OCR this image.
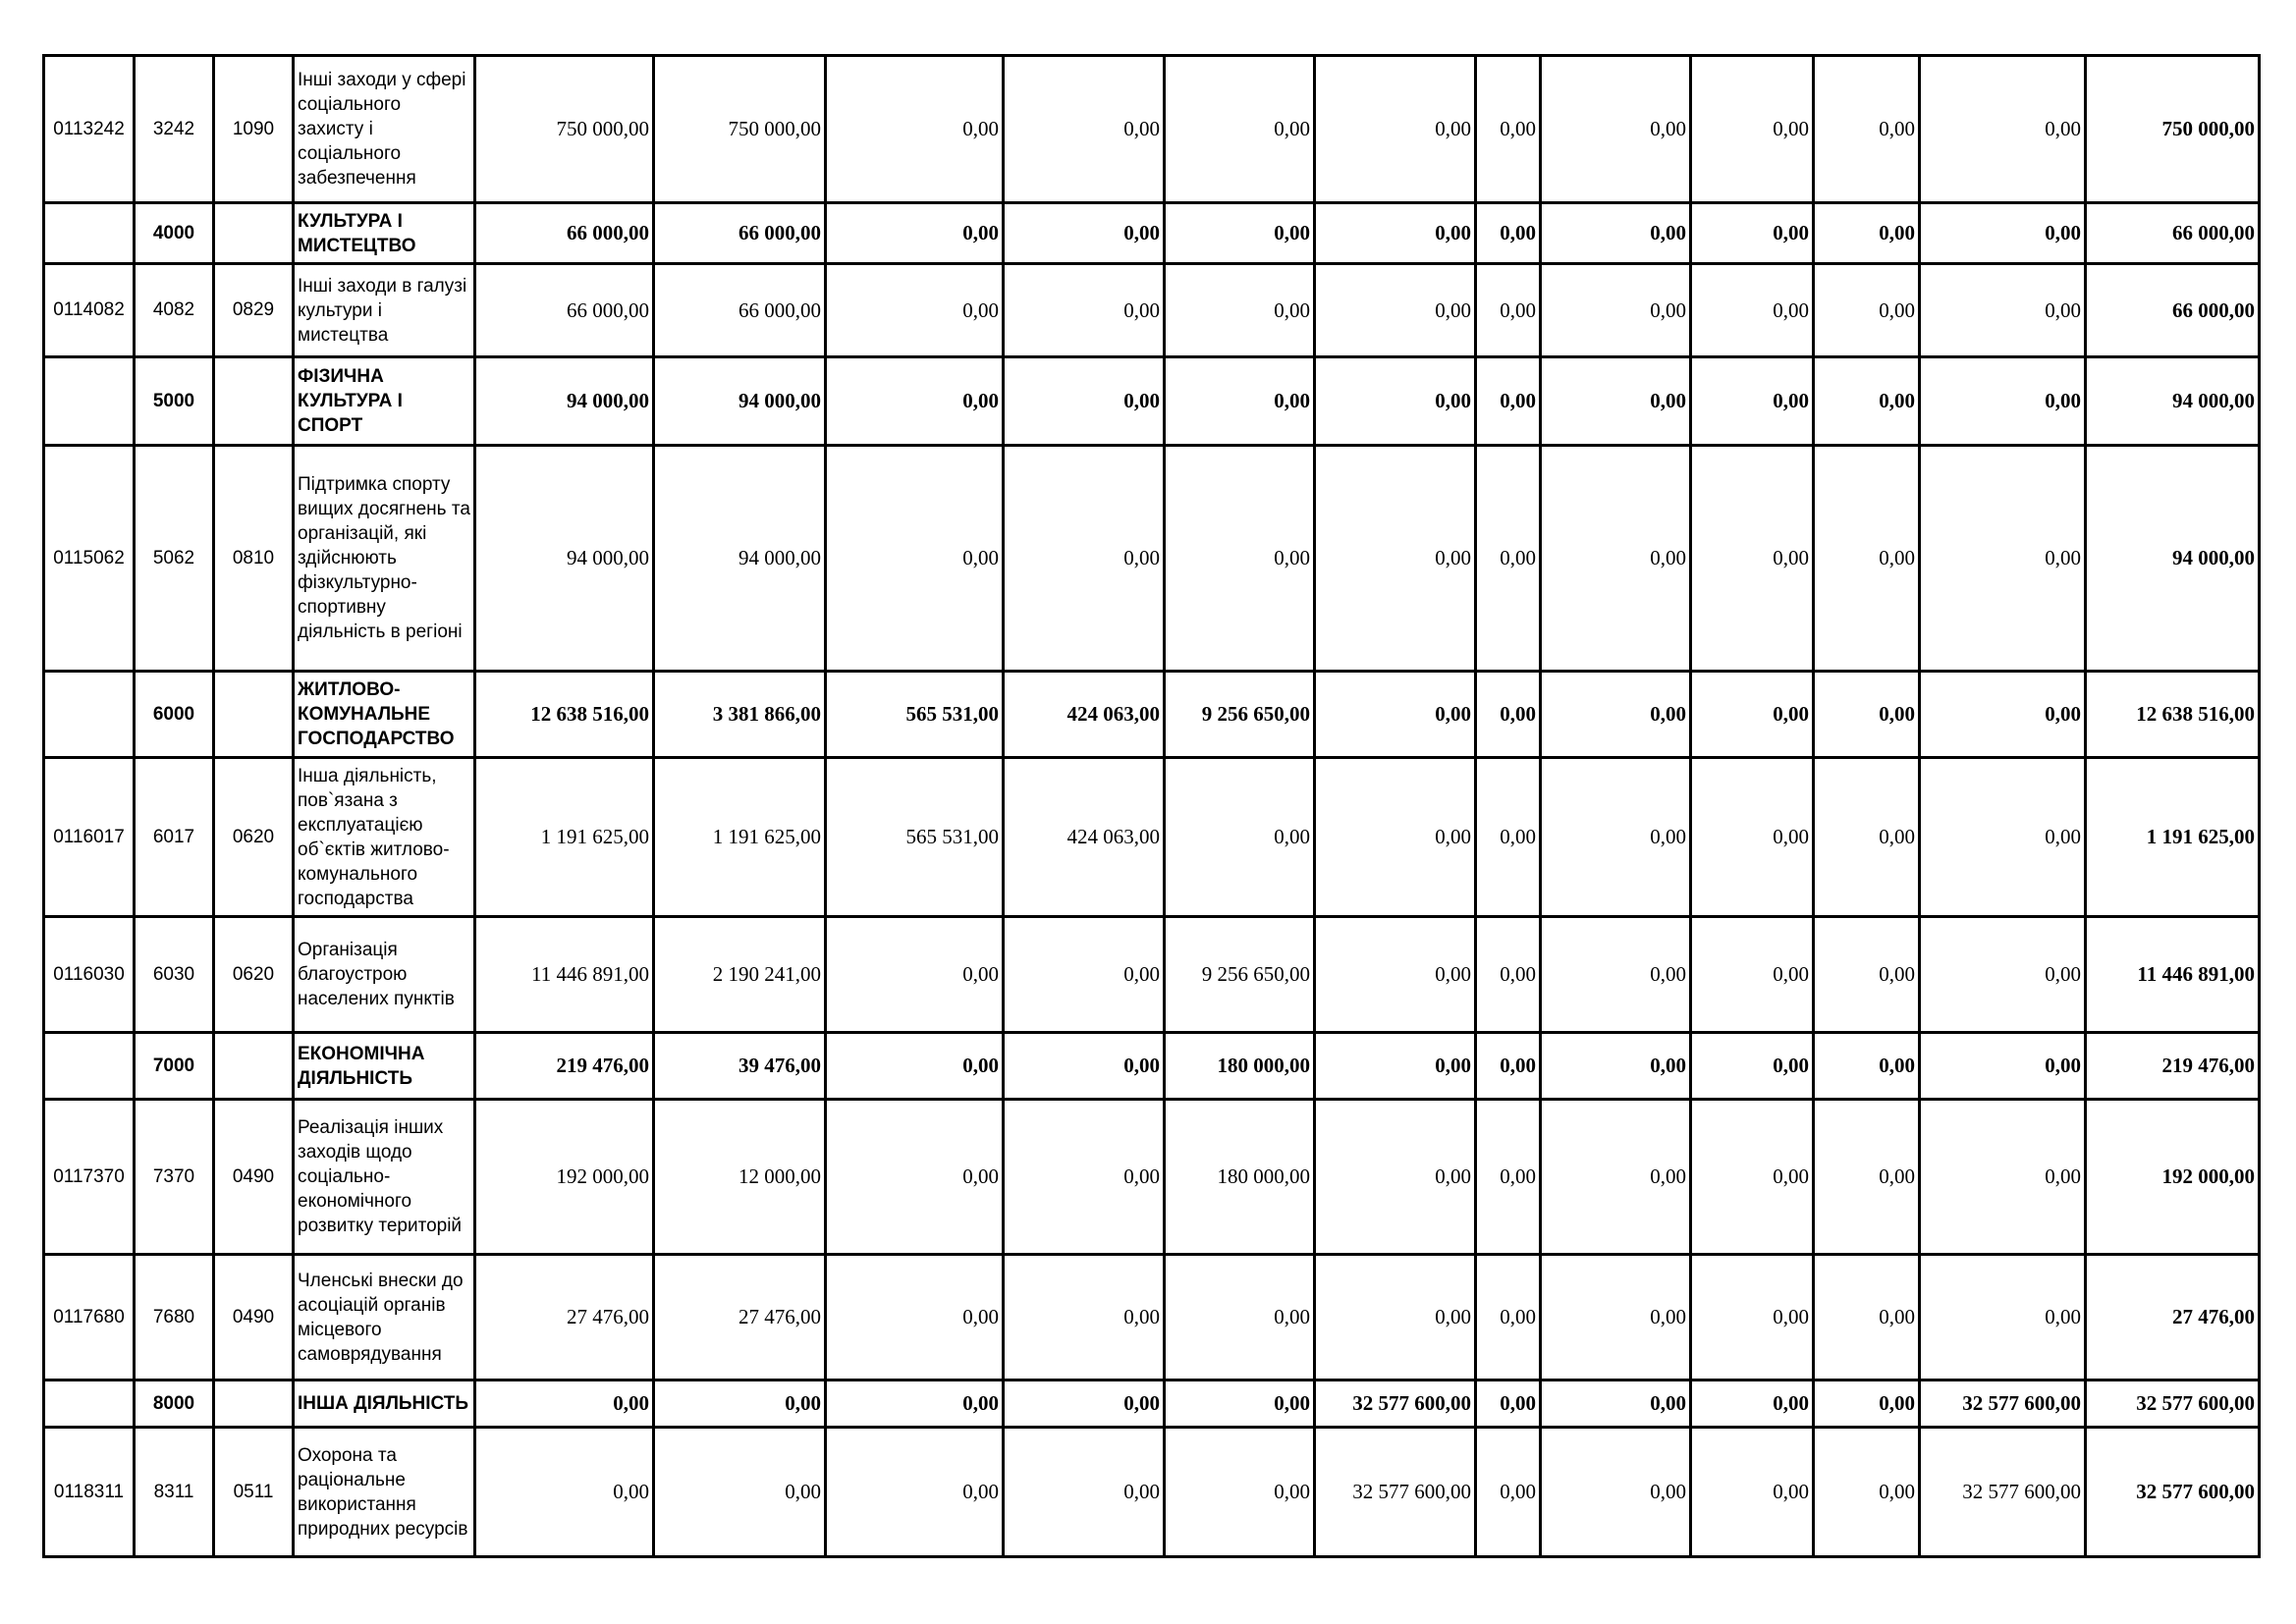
0113242	3242	1090	Інші заходи у сфері соціального захисту і соціального забезпечення	750 000,00	750 000,00	0,00	0,00	0,00	0,00	0,00	0,00	0,00	0,00	0,00	750 000,00
	4000		КУЛЬТУРА І МИСТЕЦТВО	66 000,00	66 000,00	0,00	0,00	0,00	0,00	0,00	0,00	0,00	0,00	0,00	66 000,00
0114082	4082	0829	Інші заходи в галузі культури і мистецтва	66 000,00	66 000,00	0,00	0,00	0,00	0,00	0,00	0,00	0,00	0,00	0,00	66 000,00
	5000		ФІЗИЧНА КУЛЬТУРА І СПОРТ	94 000,00	94 000,00	0,00	0,00	0,00	0,00	0,00	0,00	0,00	0,00	0,00	94 000,00
0115062	5062	0810	Підтримка спорту вищих досягнень та організацій, які здійснюють фізкультурно-спортивну діяльність в регіоні	94 000,00	94 000,00	0,00	0,00	0,00	0,00	0,00	0,00	0,00	0,00	0,00	94 000,00
	6000		ЖИТЛОВО-КОМУНАЛЬНЕ ГОСПОДАРСТВО	12 638 516,00	3 381 866,00	565 531,00	424 063,00	9 256 650,00	0,00	0,00	0,00	0,00	0,00	0,00	12 638 516,00
0116017	6017	0620	Інша діяльність, пов`язана з експлуатацією об`єктів житлово-комунального господарства	1 191 625,00	1 191 625,00	565 531,00	424 063,00	0,00	0,00	0,00	0,00	0,00	0,00	0,00	1 191 625,00
0116030	6030	0620	Організація благоустрою населених пунктів	11 446 891,00	2 190 241,00	0,00	0,00	9 256 650,00	0,00	0,00	0,00	0,00	0,00	0,00	11 446 891,00
	7000		ЕКОНОМІЧНА ДІЯЛЬНІСТЬ	219 476,00	39 476,00	0,00	0,00	180 000,00	0,00	0,00	0,00	0,00	0,00	0,00	219 476,00
0117370	7370	0490	Реалізація інших заходів щодо соціально-економічного розвитку територій	192 000,00	12 000,00	0,00	0,00	180 000,00	0,00	0,00	0,00	0,00	0,00	0,00	192 000,00
0117680	7680	0490	Членські внески до асоціацій органів місцевого самоврядування	27 476,00	27 476,00	0,00	0,00	0,00	0,00	0,00	0,00	0,00	0,00	0,00	27 476,00
	8000		ІНША ДІЯЛЬНІСТЬ	0,00	0,00	0,00	0,00	0,00	32 577 600,00	0,00	0,00	0,00	0,00	32 577 600,00	32 577 600,00
0118311	8311	0511	Охорона та раціональне використання природних ресурсів	0,00	0,00	0,00	0,00	0,00	32 577 600,00	0,00	0,00	0,00	0,00	32 577 600,00	32 577 600,00
